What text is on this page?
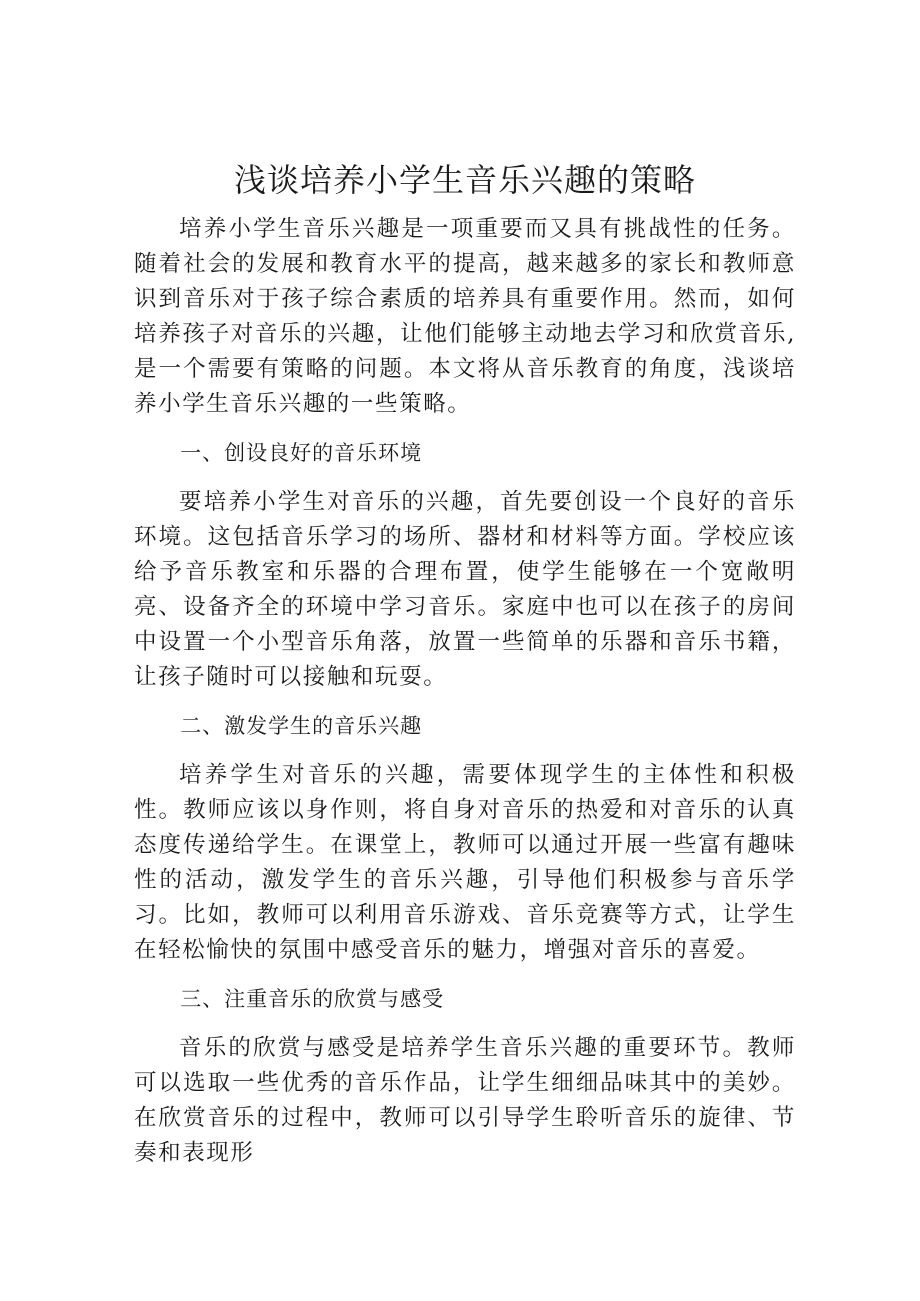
浅谈培养小学生音乐兴趣的策略

培养小学生音乐兴趣是一项重要而又具有挑战性的任务。随着社会的发展和教育水平的提高，越来越多的家长和教师意识到音乐对于孩子综合素质的培养具有重要作用。然而，如何培养孩子对音乐的兴趣，让他们能够主动地去学习和欣赏音乐,是一个需要有策略的问题。本文将从音乐教育的角度，浅谈培养小学生音乐兴趣的一些策略。

一、创设良好的音乐环境

要培养小学生对音乐的兴趣，首先要创设一个良好的音乐环境。这包括音乐学习的场所、器材和材料等方面。学校应该给予音乐教室和乐器的合理布置，使学生能够在一个宽敞明亮、设备齐全的环境中学习音乐。家庭中也可以在孩子的房间中设置一个小型音乐角落，放置一些简单的乐器和音乐书籍，让孩子随时可以接触和玩耍。

二、激发学生的音乐兴趣

培养学生对音乐的兴趣，需要体现学生的主体性和积极性。教师应该以身作则，将自身对音乐的热爱和对音乐的认真态度传递给学生。在课堂上，教师可以通过开展一些富有趣味性的活动，激发学生的音乐兴趣，引导他们积极参与音乐学习。比如，教师可以利用音乐游戏、音乐竞赛等方式，让学生在轻松愉快的氛围中感受音乐的魅力，增强对音乐的喜爱。

三、注重音乐的欣赏与感受

音乐的欣赏与感受是培养学生音乐兴趣的重要环节。教师可以选取一些优秀的音乐作品，让学生细细品味其中的美妙。在欣赏音乐的过程中，教师可以引导学生聆听音乐的旋律、节奏和表现形
